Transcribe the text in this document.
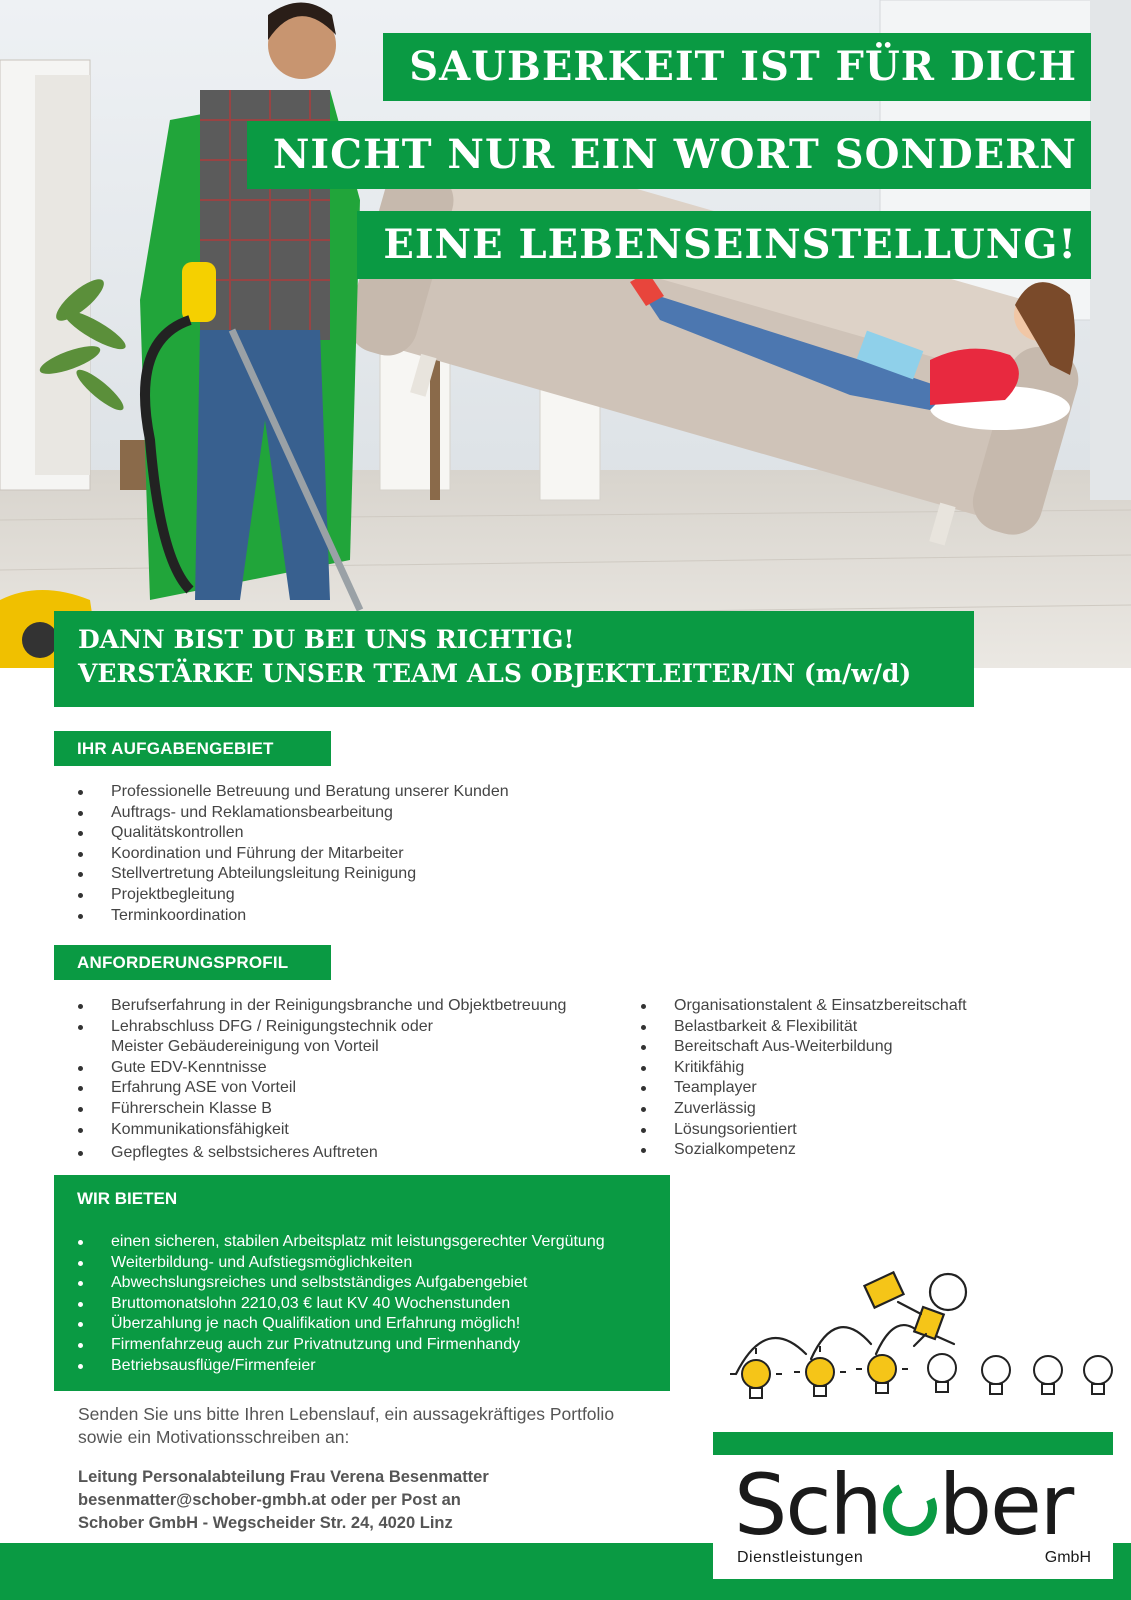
SAUBERKEIT IST FÜR DICH
NICHT NUR EIN WORT SONDERN
EINE LEBENSEINSTELLUNG!
DANN BIST DU BEI UNS RICHTIG!
VERSTÄRKE UNSER TEAM ALS OBJEKTLEITER/IN (m/w/d)
IHR AUFGABENGEBIET
Professionelle Betreuung und Beratung unserer Kunden
Auftrags- und Reklamationsbearbeitung
Qualitätskontrollen
Koordination und Führung der Mitarbeiter
Stellvertretung Abteilungsleitung Reinigung
Projektbegleitung
Terminkoordination
ANFORDERUNGSPROFIL
Berufserfahrung in der Reinigungsbranche und Objektbetreuung
Lehrabschluss DFG / Reinigungstechnik oder
Meister Gebäudereinigung von Vorteil
Gute EDV-Kenntnisse
Erfahrung ASE von Vorteil
Führerschein Klasse B
Kommunikationsfähigkeit
Gepflegtes & selbstsicheres Auftreten
Organisationstalent & Einsatzbereitschaft
Belastbarkeit & Flexibilität
Bereitschaft Aus-Weiterbildung
Kritikfähig
Teamplayer
Zuverlässig
Lösungsorientiert
Sozialkompetenz
WIR BIETEN
einen sicheren, stabilen Arbeitsplatz mit leistungsgerechter Vergütung
Weiterbildung- und Aufstiegsmöglichkeiten
Abwechslungsreiches und selbstständiges Aufgabengebiet
Bruttomonatslohn 2210,03 € laut KV 40 Wochenstunden
Überzahlung je nach Qualifikation und Erfahrung möglich!
Firmenfahrzeug auch zur Privatnutzung und Firmenhandy
Betriebsausflüge/Firmenfeier
Senden Sie uns bitte Ihren Lebenslauf, ein aussagekräftiges Portfolio
sowie ein Motivationsschreiben an:
Leitung Personalabteilung Frau Verena Besenmatter
besenmatter@schober-gmbh.at oder per Post an
Schober GmbH - Wegscheider Str. 24, 4020 Linz	Sch ber
Dienstleistungen	GmbH
